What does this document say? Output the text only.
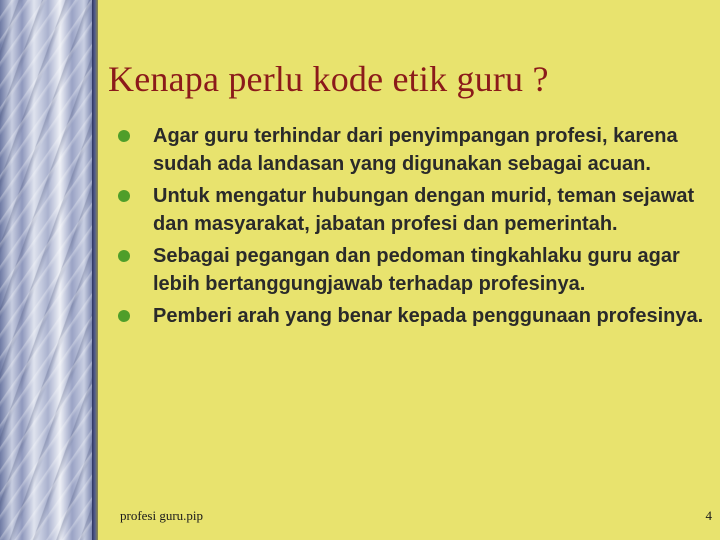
Kenapa perlu kode etik guru ?
Agar guru terhindar dari penyimpangan profesi, karena sudah ada landasan yang digunakan sebagai acuan.
Untuk mengatur hubungan dengan murid, teman sejawat dan masyarakat, jabatan profesi dan pemerintah.
Sebagai pegangan dan pedoman tingkahlaku guru agar lebih bertanggungjawab terhadap profesinya.
Pemberi arah yang benar kepada penggunaan profesinya.
profesi guru.pip	4
